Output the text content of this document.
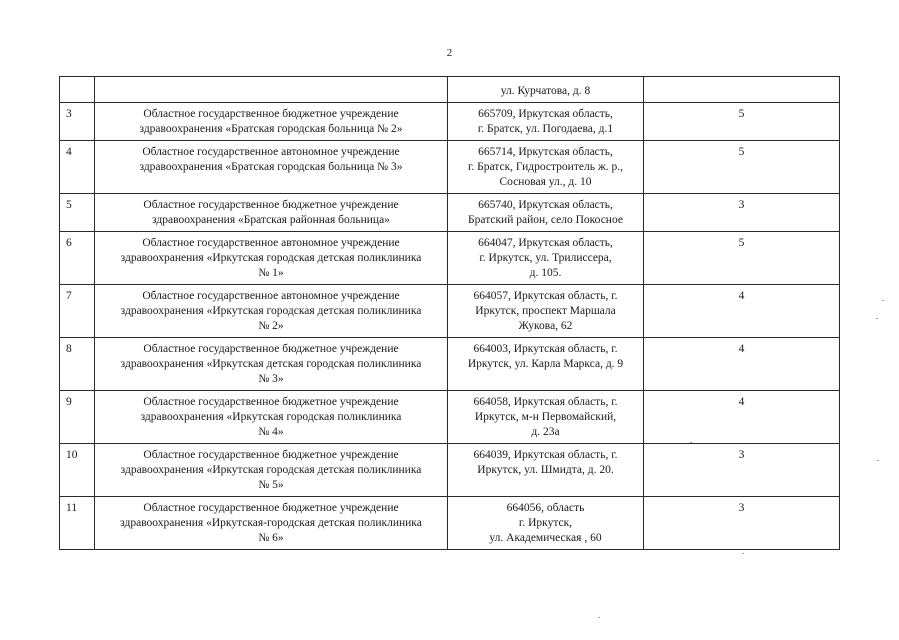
2
		ул. Курчатова, д. 8	
3	Областное государственное бюджетное учреждение
здравоохранения «Братская городская больница № 2»	665709, Иркутская область,
г. Братск, ул. Погодаева, д.1	5
4	Областное государственное автономное учреждение
здравоохранения «Братская городская больница № 3»	665714, Иркутская область,
г. Братск, Гидростроитель ж. р.,
Сосновая ул., д. 10	5
5	Областное государственное бюджетное учреждение
здравоохранения «Братская районная больница»	665740, Иркутская область,
Братский район, село Покосное	3
6	Областное государственное автономное учреждение
здравоохранения «Иркутская городская детская поликлиника
№ 1»	664047, Иркутская область,
г. Иркутск, ул. Трилиссера,
д. 105.	5
7	Областное государственное автономное учреждение
здравоохранения «Иркутская городская детская поликлиника
№ 2»	664057, Иркутская область, г.
Иркутск, проспект Маршала
Жукова, 62	4
8	Областное государственное бюджетное учреждение
здравоохранения «Иркутская детская городская поликлиника
№ 3»	664003, Иркутская область, г.
Иркутск, ул. Карла Маркса, д. 9	4
9	Областное государственное бюджетное учреждение
здравоохранения «Иркутская городская поликлиника
№ 4»	664058, Иркутская область, г.
Иркутск, м-н Первомайский,
д. 23а	4
10	Областное государственное бюджетное учреждение
здравоохранения «Иркутская городская детская поликлиника
№ 5»	664039, Иркутская область, г.
Иркутск, ул. Шмидта, д. 20.	3
11	Областное государственное бюджетное учреждение
здравоохранения «Иркутская-городская детская поликлиника
№ 6»	664056, область
г. Иркутск,
ул. Академическая , 60	3
